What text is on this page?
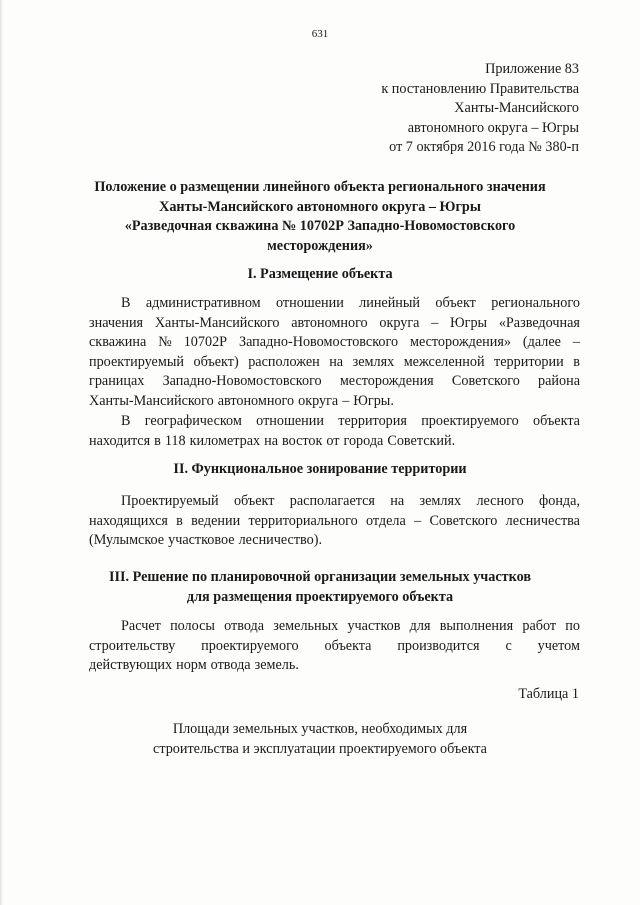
631
Приложение 83
к постановлению Правительства
Ханты-Мансийского
автономного округа – Югры
от 7 октября 2016 года № 380-п
Положение о размещении линейного объекта регионального значения
Ханты-Мансийского автономного округа – Югры
«Разведочная скважина № 10702Р Западно-Новомостовского
месторождения»
I. Размещение объекта
В административном отношении линейный объект регионального
значения Ханты-Мансийского автономного округа – Югры «Разведочная
скважина № 10702Р Западно-Новомостовского месторождения» (далее –
проектируемый объект) расположен на землях межселенной территории в
границах Западно-Новомостовского месторождения Советского района
Ханты-Мансийского автономного округа – Югры.
В географическом отношении территория проектируемого объекта
находится в 118 километрах на восток от города Советский.
II. Функциональное зонирование территории
Проектируемый объект располагается на землях лесного фонда,
находящихся в ведении территориального отдела – Советского лесничества
(Мулымское участковое лесничество).
III. Решение по планировочной организации земельных участков
для размещения проектируемого объекта
Расчет полосы отвода земельных участков для выполнения работ по
строительству проектируемого объекта производится с учетом
действующих норм отвода земель.
Таблица 1
Площади земельных участков, необходимых для
строительства и эксплуатации проектируемого объекта
